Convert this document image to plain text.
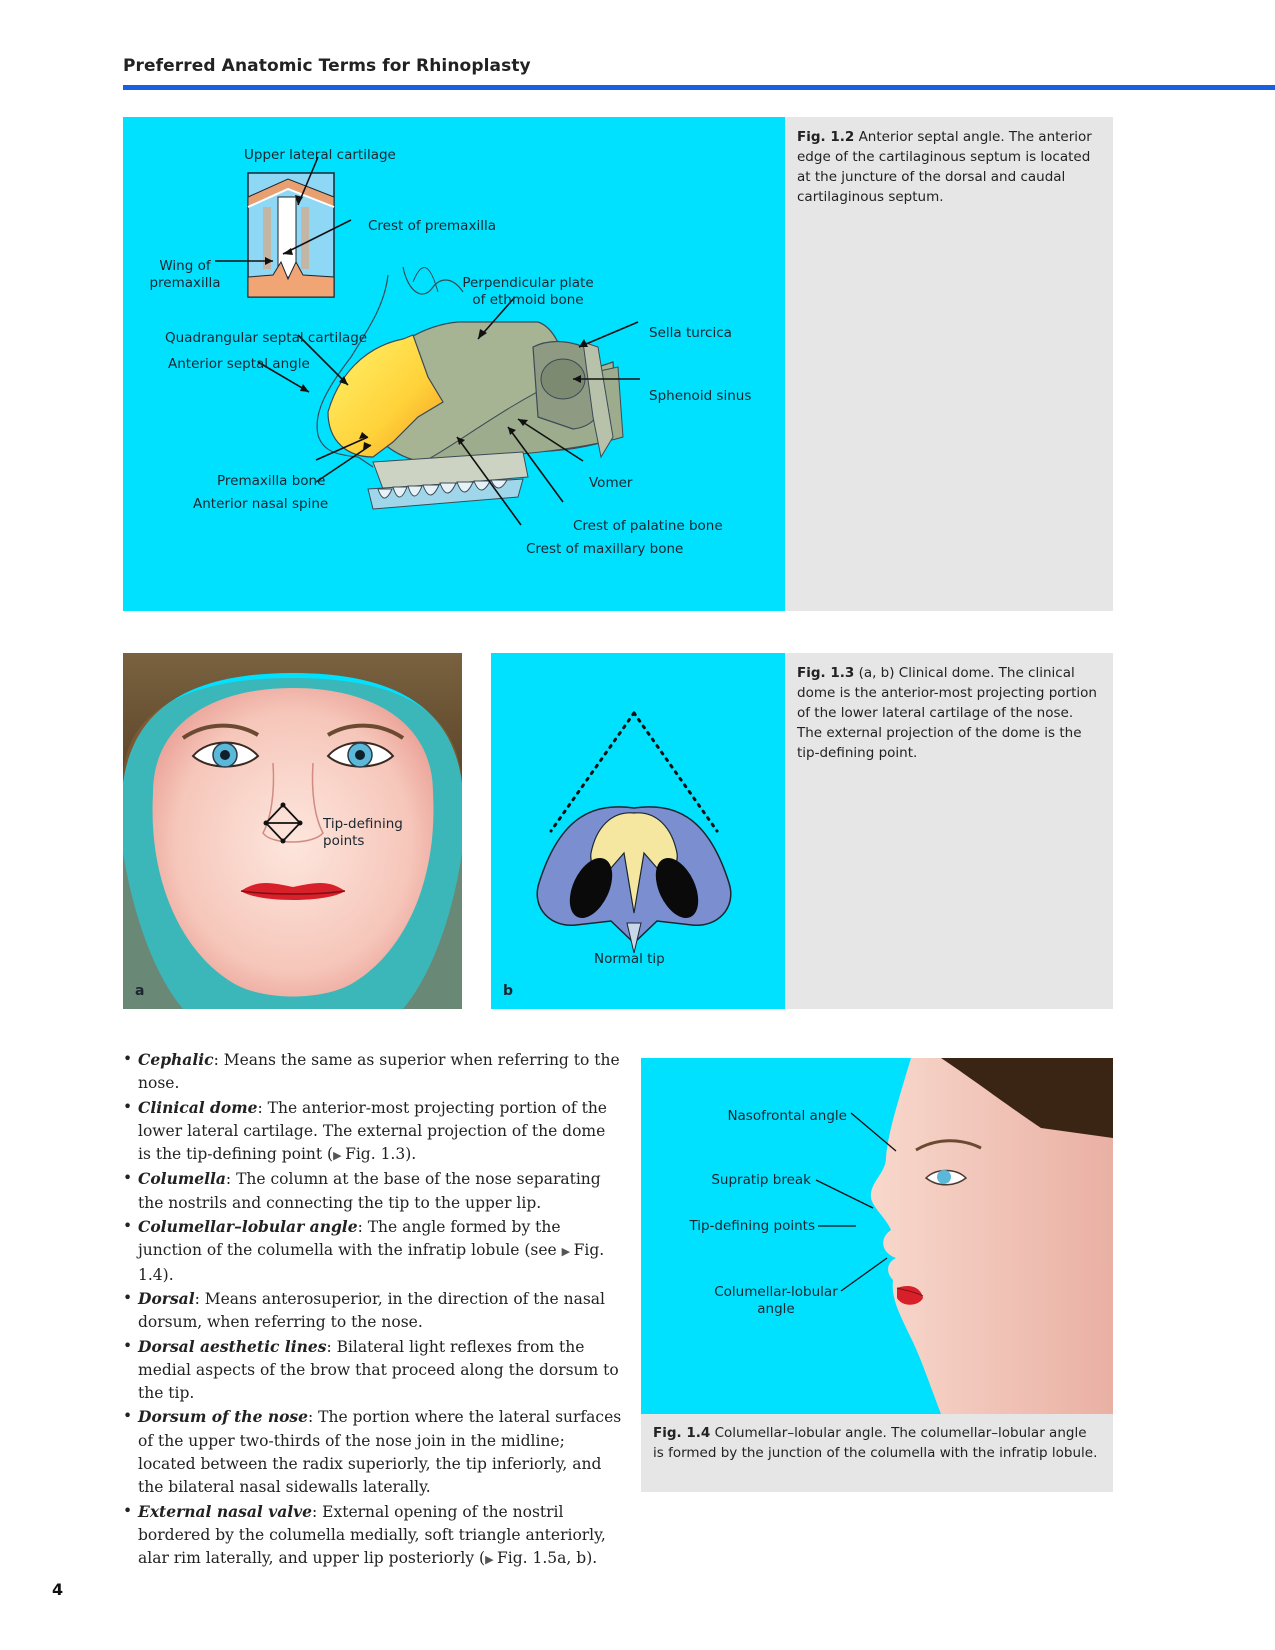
Preferred Anatomic Terms for Rhinoplasty
Upper lateral cartilage
Crest of premaxilla
Wing of
premaxilla	Perpendicular plate
of ethmoid bone
Sella turcica
Quadrangular septal cartilage
Anterior septal angle
Sphenoid sinus
Premaxilla bone
Anterior nasal spine
Vomer
Crest of palatine bone
Crest of maxillary bone
Fig. 1.2 Anterior septal angle. The anterior edge of the cartilaginous septum is located at the juncture of the dorsal and caudal cartilaginous septum.
Tip-defining
points
a
Normal tip
b
Fig. 1.3 (a, b) Clinical dome. The clinical dome is the anterior-most projecting portion of the lower lateral cartilage of the nose. The external projection of the dome is the tip-defining point.
• Cephalic: Means the same as superior when referring to the nose.
• Clinical dome: The anterior-most projecting portion of the lower lateral cartilage. The external projection of the dome is the tip-defining point (▶ Fig. 1.3).
• Columella: The column at the base of the nose separating the nostrils and connecting the tip to the upper lip.
• Columellar–lobular angle: The angle formed by the junction of the columella with the infratip lobule (see ▶ Fig. 1.4).
• Dorsal: Means anterosuperior, in the direction of the nasal dorsum, when referring to the nose.
• Dorsal aesthetic lines: Bilateral light reflexes from the medial aspects of the brow that proceed along the dorsum to the tip.
• Dorsum of the nose: The portion where the lateral surfaces of the upper two-thirds of the nose join in the midline; located between the radix superiorly, the tip inferiorly, and the bilateral nasal sidewalls laterally.
• External nasal valve: External opening of the nostril bordered by the columella medially, soft triangle anteriorly, alar rim laterally, and upper lip posteriorly (▶ Fig. 1.5a, b).
Nasofrontal angle
Supratip break
Tip-defining points
Columellar-lobular
angle
Fig. 1.4 Columellar–lobular angle. The columellar–lobular angle is formed by the junction of the columella with the infratip lobule.
4
